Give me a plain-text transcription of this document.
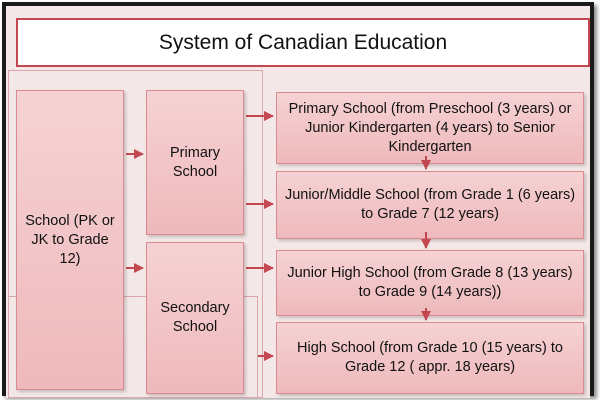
System of Canadian Education
School (PK or JK to Grade 12)
Primary School
Secondary School
Primary School (from Preschool (3 years) or Junior Kindergarten (4 years) to Senior Kindergarten
Junior/Middle School (from Grade 1 (6 years) to Grade 7 (12 years)
Junior High School (from Grade 8 (13 years) to Grade 9 (14 years))
High School (from Grade 10 (15 years) to Grade 12 ( appr. 18 years)
